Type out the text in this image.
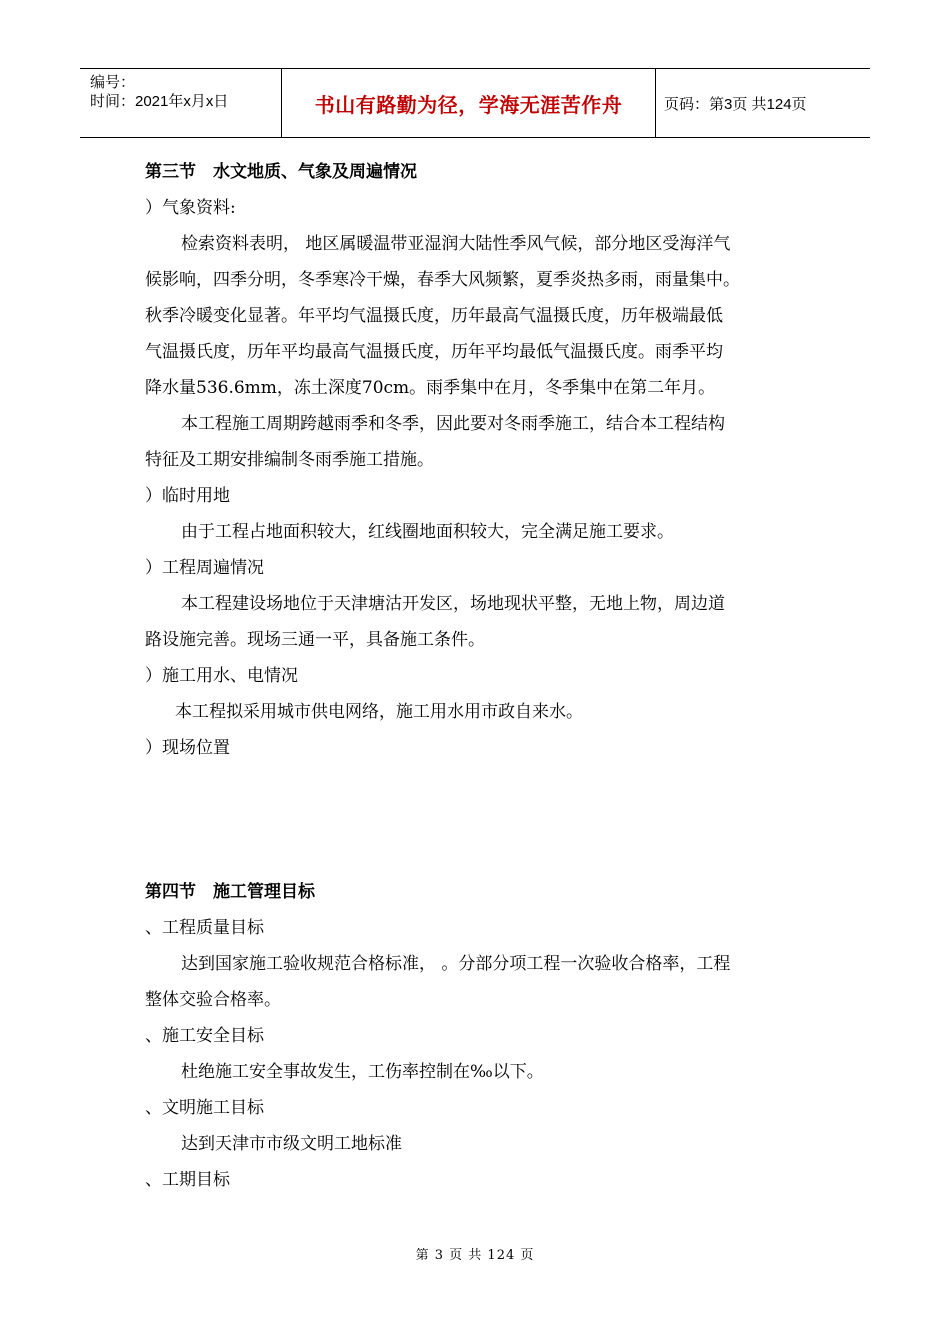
编号：
时间：2021年x月x日	书山有路勤为径，学海无涯苦作舟	页码：第3页 共124页
第三节　水文地质、气象及周遍情况
）气象资料:
检索资料表明， 地区属暖温带亚湿润大陆性季风气候，部分地区受海洋气
候影响，四季分明，冬季寒冷干燥，春季大风频繁，夏季炎热多雨，雨量集中。
秋季冷暖变化显著。年平均气温摄氏度，历年最高气温摄氏度，历年极端最低
气温摄氏度，历年平均最高气温摄氏度，历年平均最低气温摄氏度。雨季平均
降水量536.6mm，冻土深度70cm。雨季集中在月，冬季集中在第二年月。
本工程施工周期跨越雨季和冬季，因此要对冬雨季施工，结合本工程结构
特征及工期安排编制冬雨季施工措施。
）临时用地
由于工程占地面积较大，红线圈地面积较大，完全满足施工要求。
）工程周遍情况
本工程建设场地位于天津塘沽开发区，场地现状平整，无地上物，周边道
路设施完善。现场三通一平，具备施工条件。
）施工用水、电情况
本工程拟采用城市供电网络，施工用水用市政自来水。
）现场位置
第四节　施工管理目标
、工程质量目标
达到国家施工验收规范合格标准， 。分部分项工程一次验收合格率，工程
整体交验合格率。
、施工安全目标
杜绝施工安全事故发生，工伤率控制在‰以下。
、文明施工目标
达到天津市市级文明工地标准
、工期目标
第 3 页 共 124 页
